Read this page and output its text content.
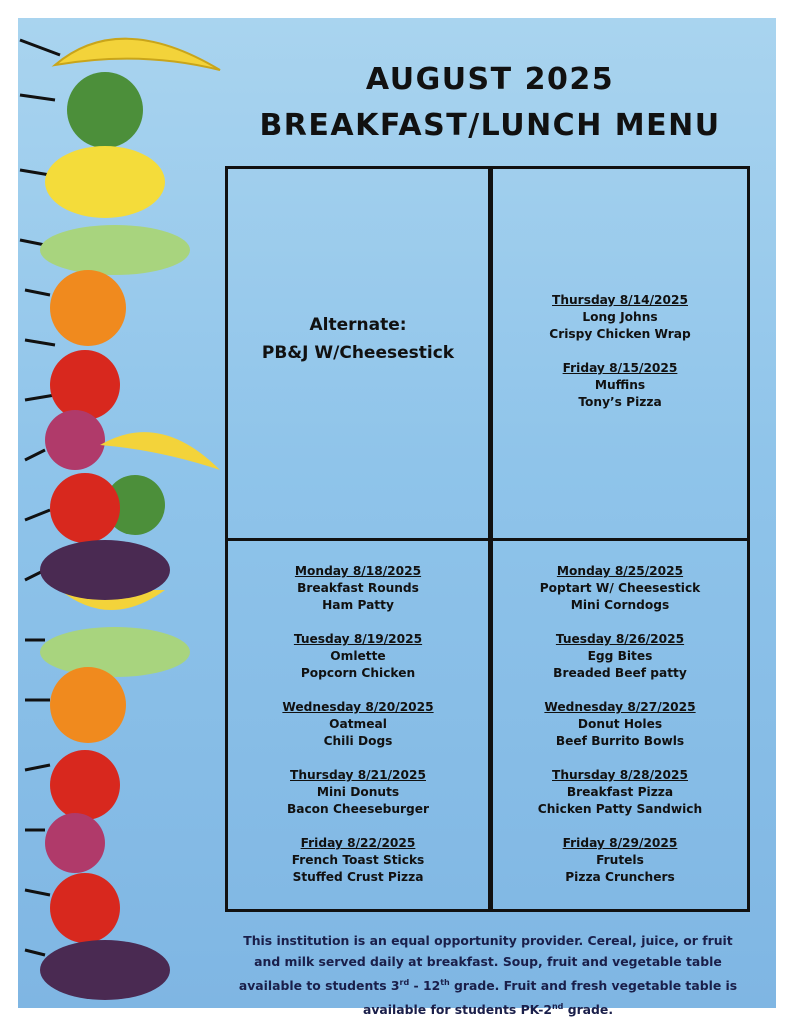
AUGUST 2025
BREAKFAST/LUNCH MENU
Alternate:
PB&J W/Cheesestick
Thursday 8/14/2025
Long Johns
Crispy Chicken Wrap
Friday 8/15/2025
Muffins
Tony’s Pizza
Monday 8/18/2025
Breakfast Rounds
Ham Patty
Tuesday 8/19/2025
Omlette
Popcorn Chicken
Wednesday 8/20/2025
Oatmeal
Chili Dogs
Thursday 8/21/2025
Mini Donuts
Bacon Cheeseburger
Friday 8/22/2025
French Toast Sticks
Stuffed Crust Pizza
Monday 8/25/2025
Poptart W/ Cheesestick
Mini Corndogs
Tuesday 8/26/2025
Egg Bites
Breaded Beef patty
Wednesday 8/27/2025
Donut Holes
Beef Burrito Bowls
Thursday 8/28/2025
Breakfast Pizza
Chicken Patty Sandwich
Friday 8/29/2025
Frutels
Pizza Crunchers
This institution is an equal opportunity provider. Cereal, juice, or fruit and milk served daily at breakfast. Soup, fruit and vegetable table available to students 3rd - 12th grade. Fruit and fresh vegetable table is available for students PK-2nd grade.
